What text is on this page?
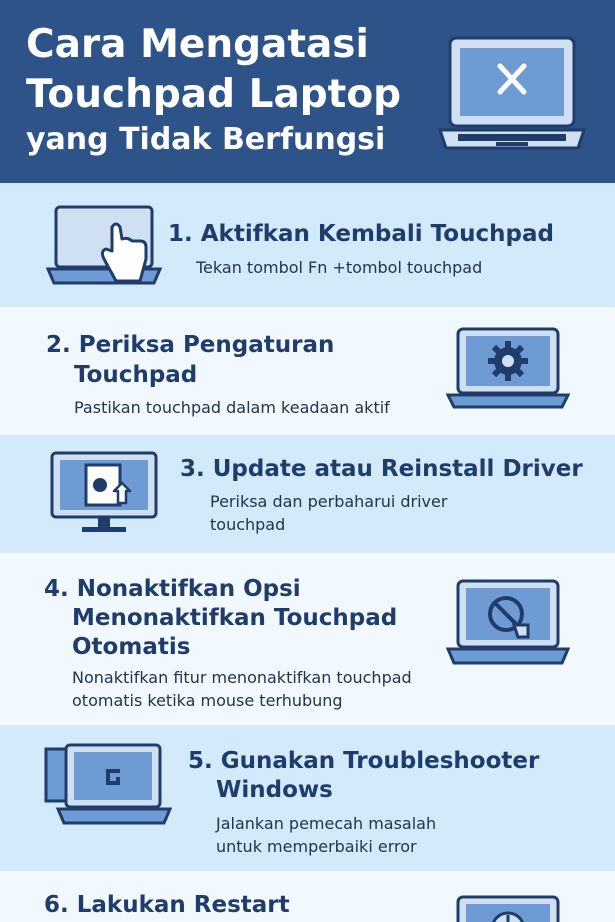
Cara Mengatasi
Touchpad Laptop
yang Tidak Berfungsi
1. Aktifkan Kembali Touchpad
Tekan tombol Fn +tombol touchpad
2. Periksa Pengaturan
Touchpad
Pastikan touchpad dalam keadaan aktif
3. Update atau Reinstall Driver
Periksa dan perbaharui driver
touchpad
4. Nonaktifkan Opsi
Menonaktifkan Touchpad
Otomatis
Nonaktifkan fitur menonaktifkan touchpad
otomatis ketika mouse terhubung
5. Gunakan Troubleshooter
Windows
Jalankan pemecah masalah
untuk memperbaiki error
6. Lakukan Restart
